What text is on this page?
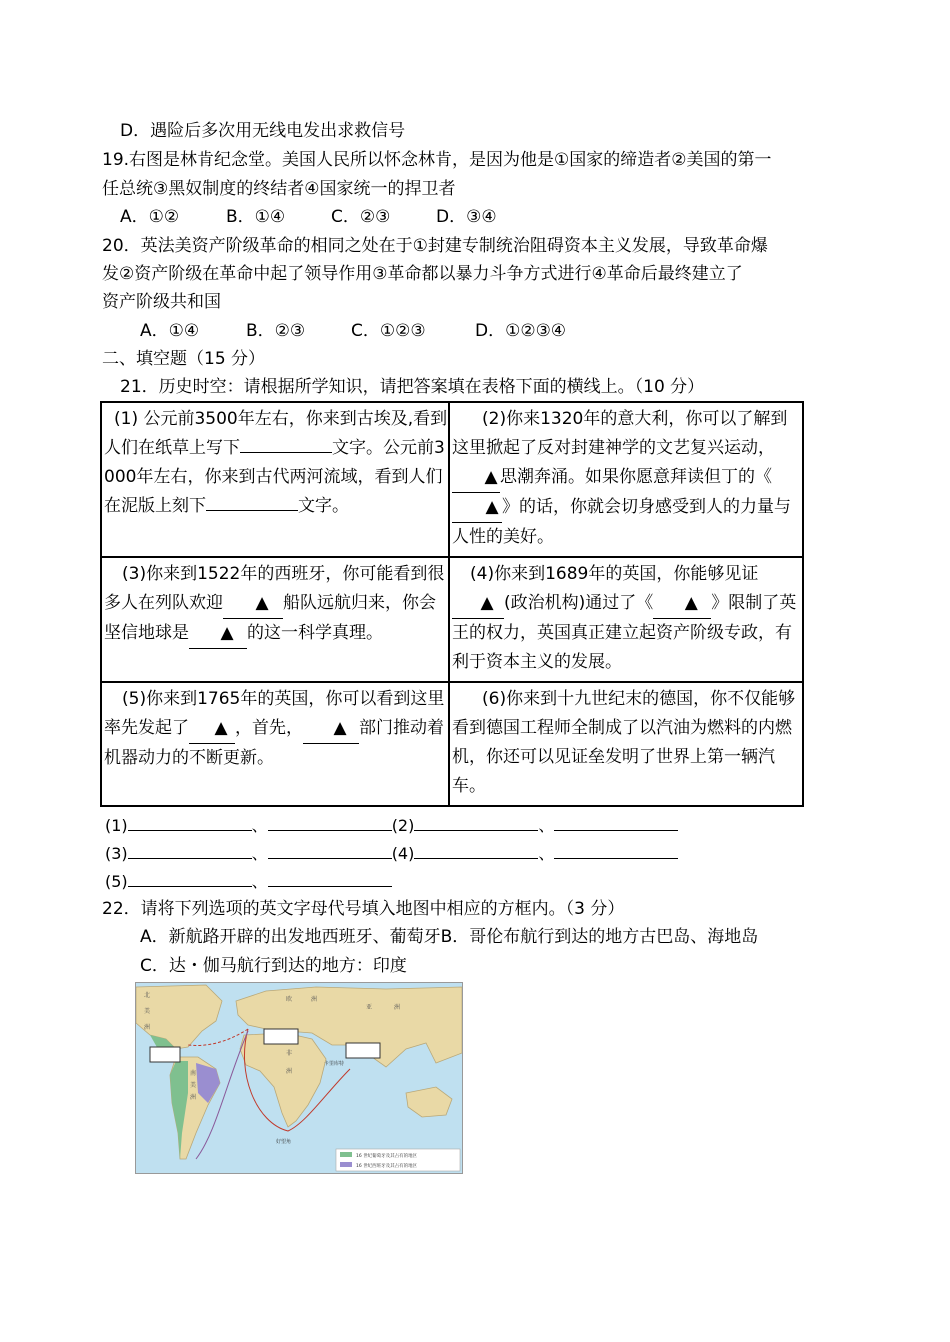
D．遇险后多次用无线电发出求救信号
19.右图是林肯纪念堂。美国人民所以怀念林肯，是因为他是①国家的缔造者②美国的第一
任总统③黑奴制度的终结者④国家统一的捍卫者
A．①②	B．①④	C．②③	D．③④
20．英法美资产阶级革命的相同之处在于①封建专制统治阻碍资本主义发展，导致革命爆
发②资产阶级在革命中起了领导作用③革命都以暴力斗争方式进行④革命后最终建立了
资产阶级共和国
A．①④	B．②③	C．①②③	D．①②③④
二、填空题（15 分）
21．历史时空：请根据所学知识，请把答案填在表格下面的横线上。（10 分）
(1) 公元前3500年左右，你来到古埃及,看到人们在纸草上写下 文字。公元前3000年左右，你来到古代两河流域，看到人们在泥版上刻下 文字。	(2)你来1320年的意大利，你可以了解到这里掀起了反对封建神学的文艺复兴运动，▲ 思潮奔涌。如果你愿意拜读但丁的《▲ 》的话，你就会切身感受到人的力量与人性的美好。

(3)你来到1522年的西班牙，你可能看到很多人在列队欢迎 ▲ 船队远航归来，你会坚信地球是 ▲ 的这一科学真理。	(4)你来到1689年的英国，你能够见证▲ (政治机构)通过了《 ▲ 》限制了英王的权力，英国真正建立起资产阶级专政，有利于资本主义的发展。

(5)你来到1765年的英国，你可以看到这里率先发起了 ▲ ，首先， ▲ 部门推动着机器动力的不断更新。	(6)你来到十九世纪末的德国，你不仅能够看到德国工程师全制成了以汽油为燃料的内燃机，你还可以见证垒发明了世界上第一辆汽车。
(1)	、	(2)	、
(3)	、	(4)	、
(5)	、
22．请将下列选项的英文字母代号填入地图中相应的方框内。（3 分）
A．新航路开辟的出发地西班牙、葡萄牙B．哥伦布航行到达的地方古巴岛、海地岛
C．达・伽马航行到达的地方：印度
北
美
洲
欧	洲
亚	洲
非
洲
南
美
洲
好望角
卡里库特
16 世纪葡萄牙及其占有的地区
16 世纪西班牙及其占有的地区
